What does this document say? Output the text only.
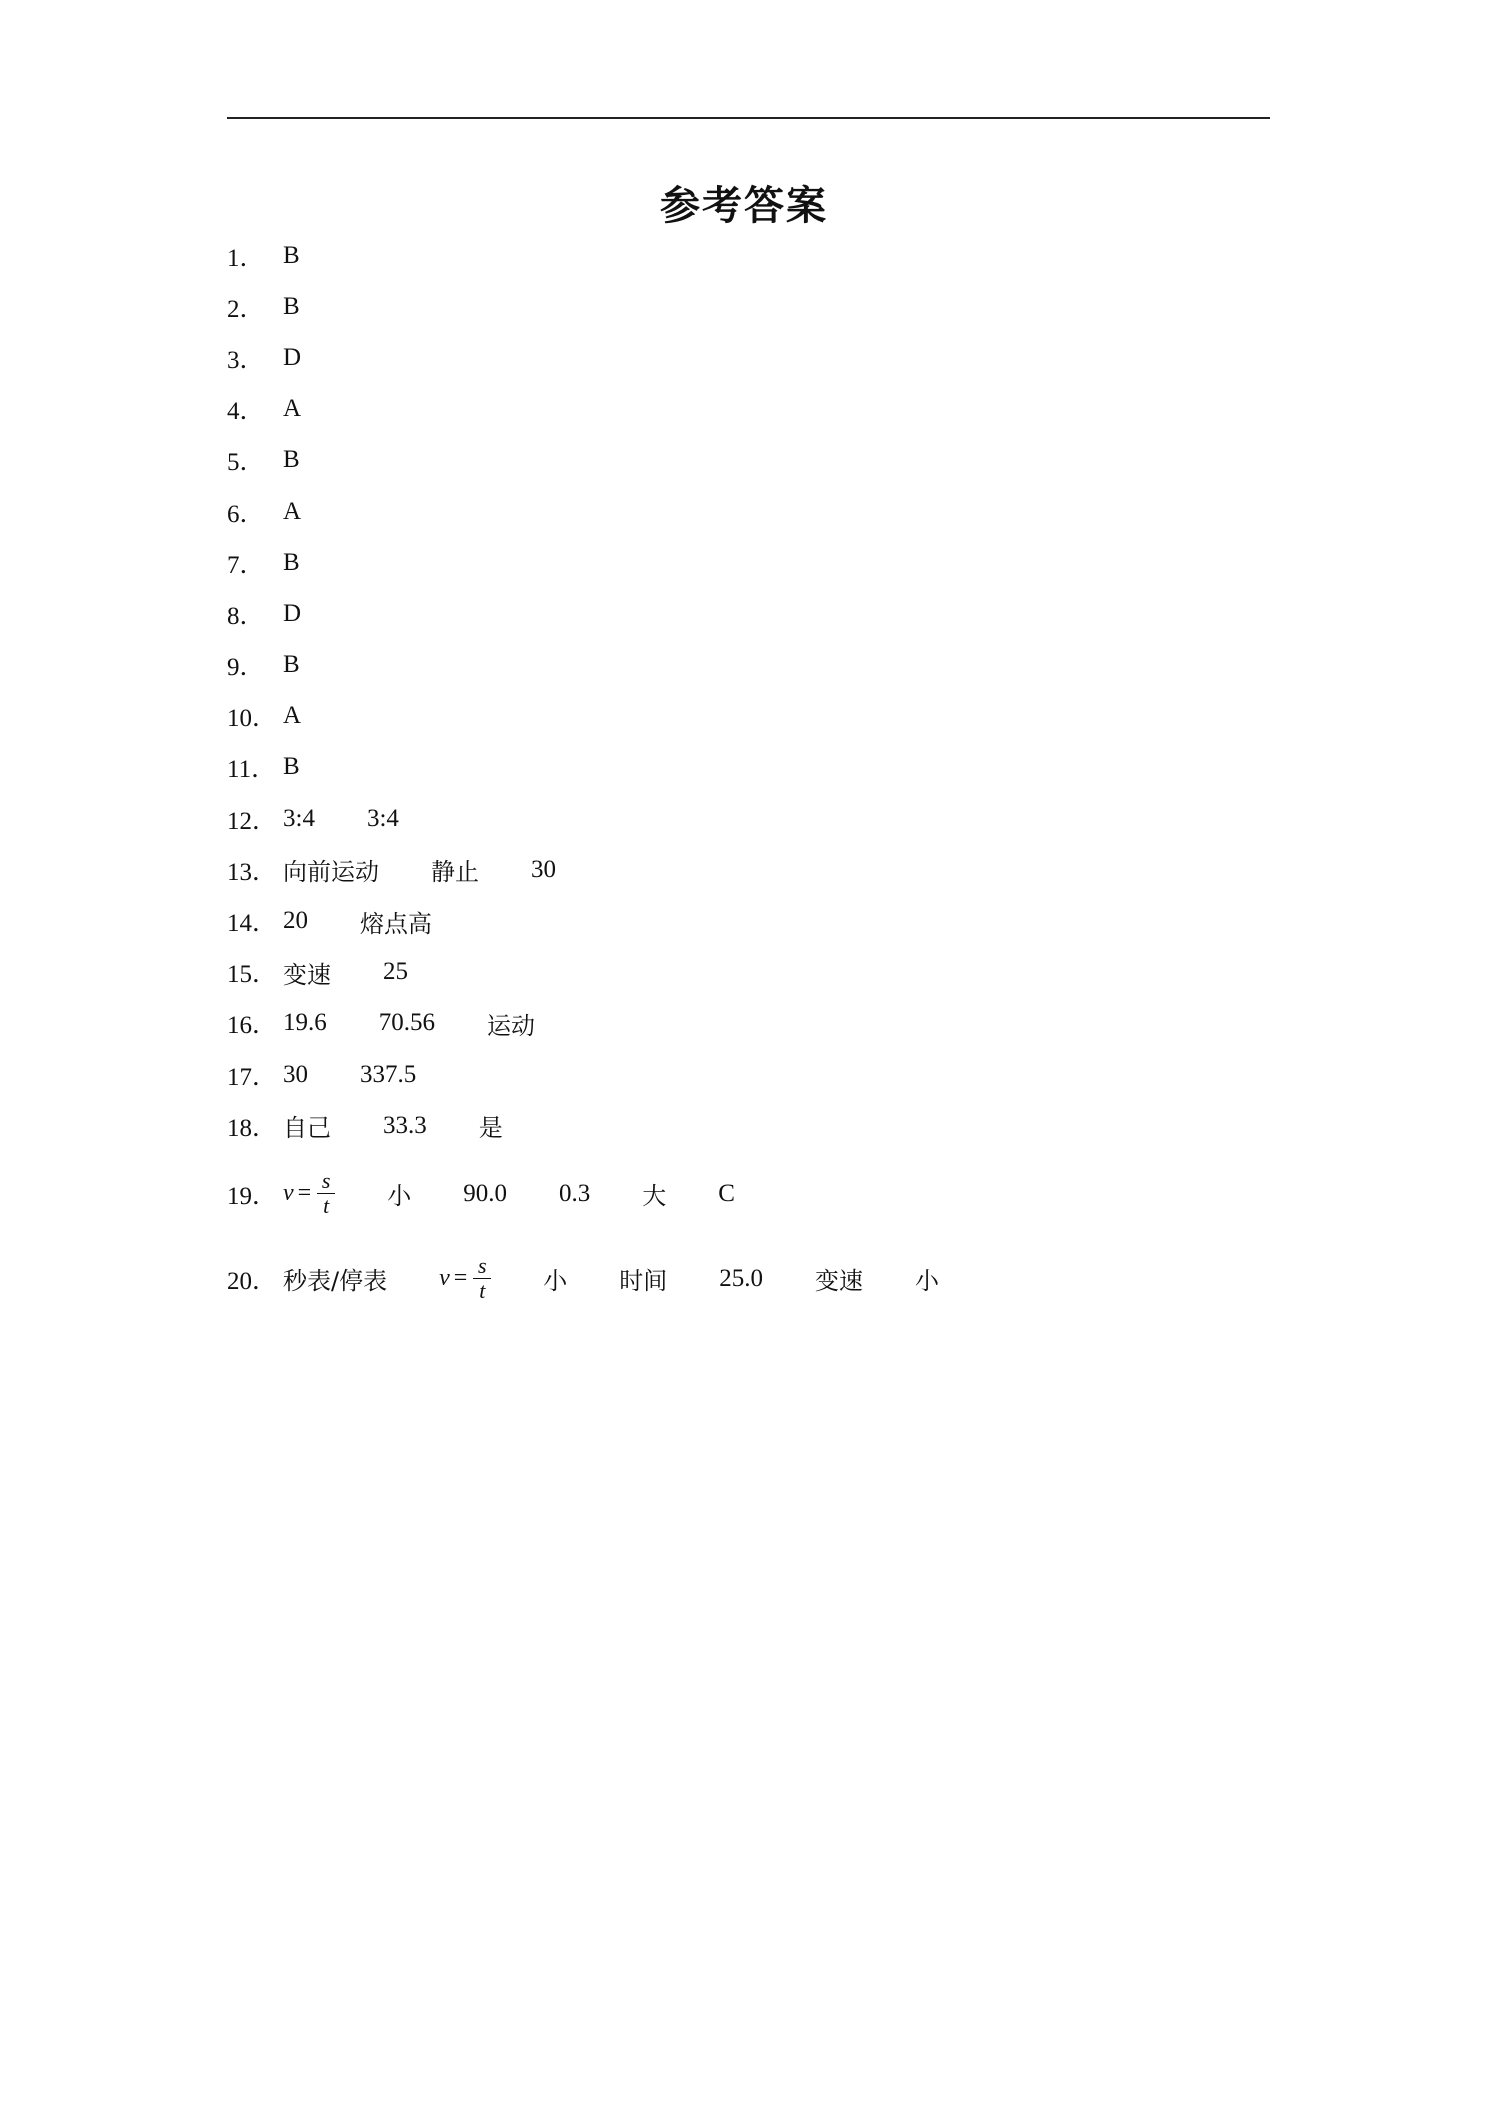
参考答案
1． B
2． B
3． D
4． A
5． B
6． A
7． B
8． D
9． B
10． A
11． B
12． 3:4 3:4
13． 向前运动 静止 30
14． 20 熔点高
15． 变速 25
16． 19.6 70.56 运动
17． 30 337.5
18． 自己 33.3 是
19． $v = \frac{s}{t}$ 小 90.0 0.3 大 C
20． 秒表/停表 $v = \frac{s}{t}$ 小 时间 25.0 变速 小
